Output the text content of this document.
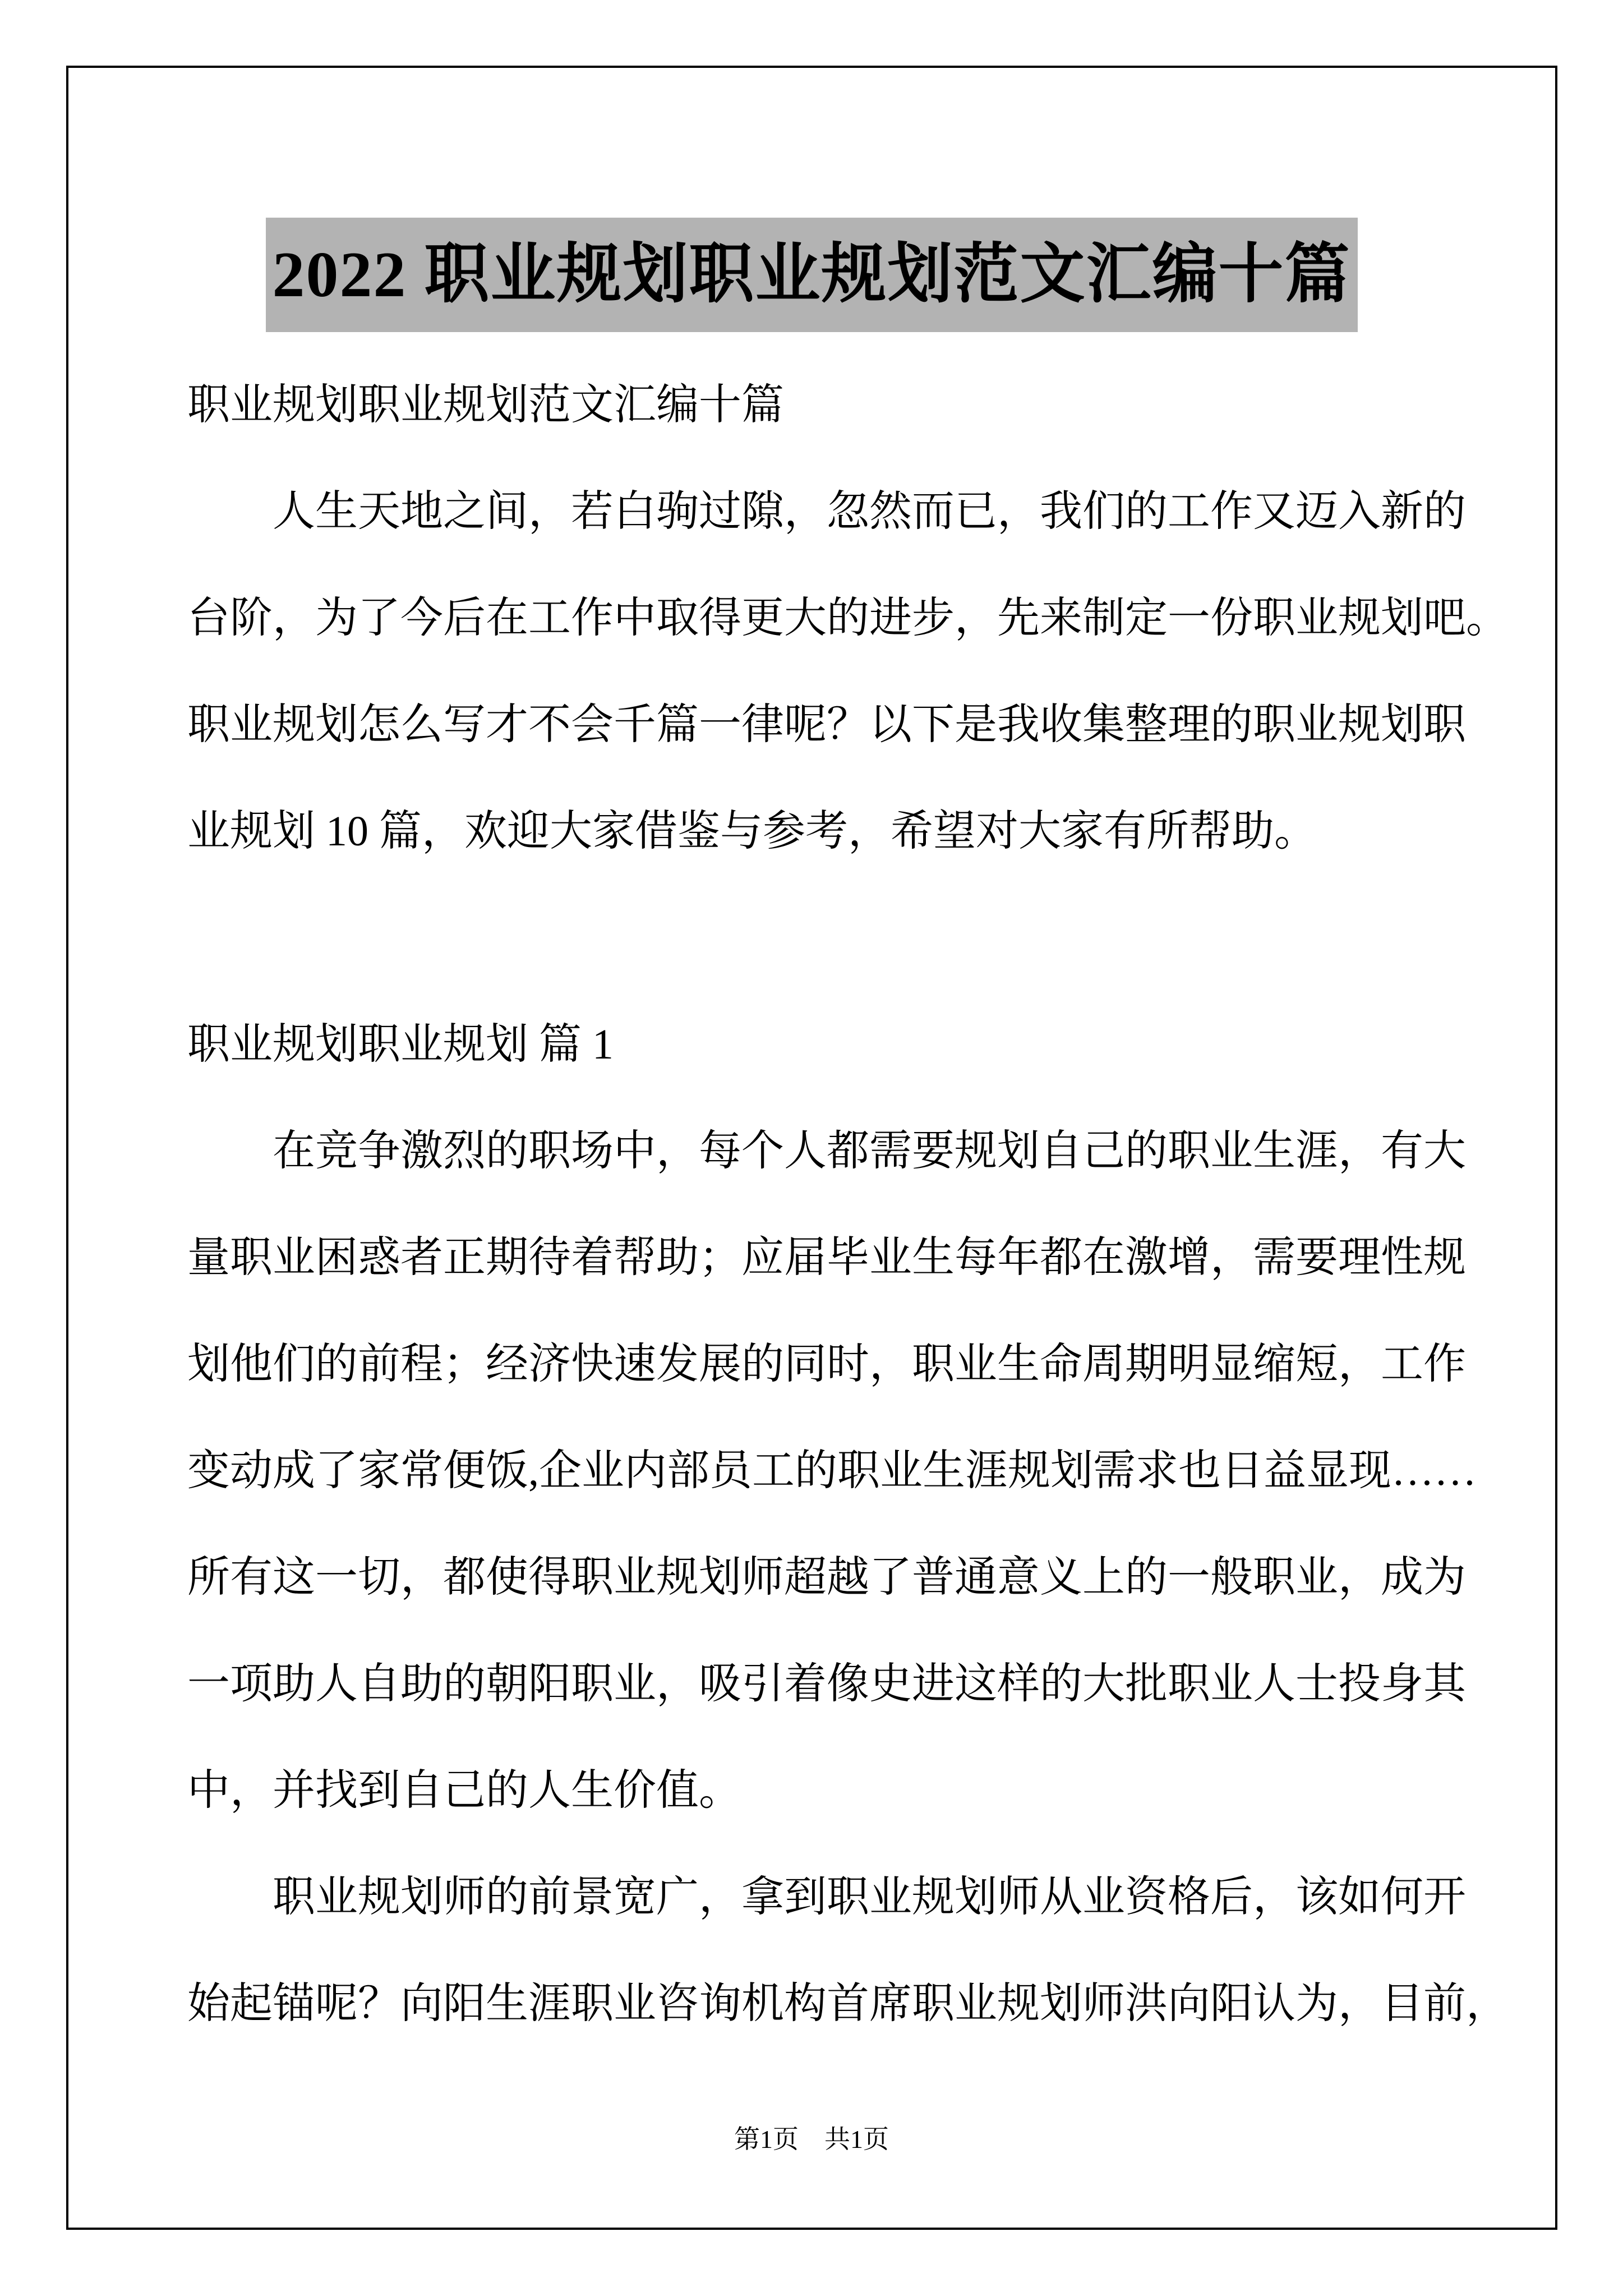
2022 职业规划职业规划范文汇编十篇
职业规划职业规划范文汇编十篇
人生天地之间，若白驹过隙，忽然而已，我们的工作又迈入新的
台阶，为了今后在工作中取得更大的进步，先来制定一份职业规划吧。
职业规划怎么写才不会千篇一律呢？以下是我收集整理的职业规划职
业规划 10 篇，欢迎大家借鉴与参考，希望对大家有所帮助。
职业规划职业规划 篇 1
在竞争激烈的职场中，每个人都需要规划自己的职业生涯，有大
量职业困惑者正期待着帮助；应届毕业生每年都在激增，需要理性规
划他们的前程；经济快速发展的同时，职业生命周期明显缩短，工作
变动成了家常便饭,企业内部员工的职业生涯规划需求也日益显现……
所有这一切，都使得职业规划师超越了普通意义上的一般职业，成为
一项助人自助的朝阳职业，吸引着像史进这样的大批职业人士投身其
中，并找到自己的人生价值。
职业规划师的前景宽广，拿到职业规划师从业资格后，该如何开
始起锚呢？向阳生涯职业咨询机构首席职业规划师洪向阳认为，目前，
第1页　共1页
